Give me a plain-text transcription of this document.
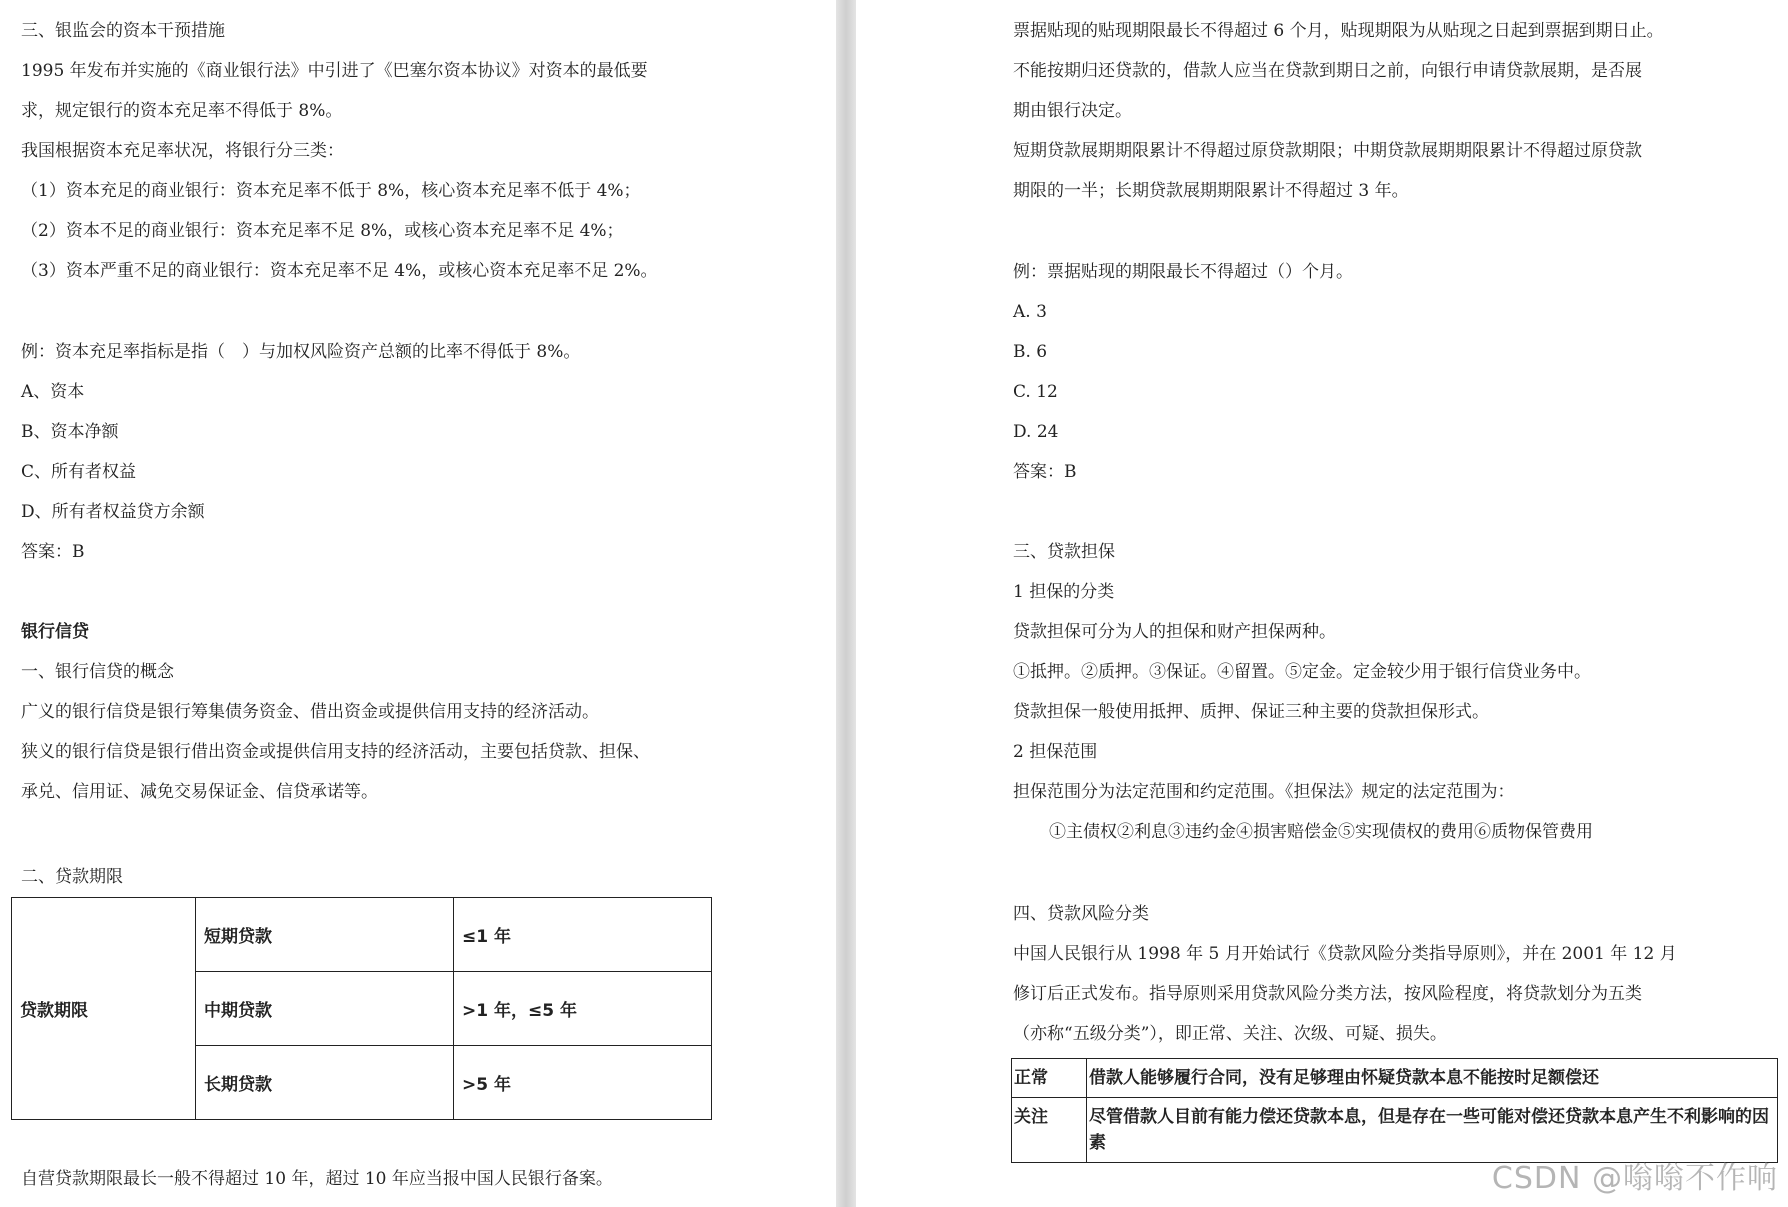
三、银监会的资本干预措施
1995 年发布并实施的《商业银行法》中引进了《巴塞尔资本协议》对资本的最低要
求，规定银行的资本充足率不得低于 8%。
我国根据资本充足率状况，将银行分三类：
（1）资本充足的商业银行：资本充足率不低于 8%，核心资本充足率不低于 4%；
（2）资本不足的商业银行：资本充足率不足 8%，或核心资本充足率不足 4%；
（3）资本严重不足的商业银行：资本充足率不足 4%，或核心资本充足率不足 2%。
例：资本充足率指标是指（　）与加权风险资产总额的比率不得低于 8%。
A、资本
B、资本净额
C、所有者权益
D、所有者权益贷方余额
答案：B
银行信贷
一、银行信贷的概念
广义的银行信贷是银行筹集债务资金、借出资金或提供信用支持的经济活动。
狭义的银行信贷是银行借出资金或提供信用支持的经济活动，主要包括贷款、担保、
承兑、信用证、减免交易保证金、信贷承诺等。
二、贷款期限
贷款期限	短期贷款	≤1 年
	中期贷款	>1 年，≤5 年
	长期贷款	>5 年
自营贷款期限最长一般不得超过 10 年，超过 10 年应当报中国人民银行备案。
票据贴现的贴现期限最长不得超过 6 个月，贴现期限为从贴现之日起到票据到期日止。
不能按期归还贷款的，借款人应当在贷款到期日之前，向银行申请贷款展期，是否展
期由银行决定。
短期贷款展期期限累计不得超过原贷款期限；中期贷款展期期限累计不得超过原贷款
期限的一半；长期贷款展期期限累计不得超过 3 年。
例：票据贴现的期限最长不得超过（）个月。
A. 3
B. 6
C. 12
D. 24
答案：B
三、贷款担保
1 担保的分类
贷款担保可分为人的担保和财产担保两种。
①抵押。②质押。③保证。④留置。⑤定金。定金较少用于银行信贷业务中。
贷款担保一般使用抵押、质押、保证三种主要的贷款担保形式。
2 担保范围
担保范围分为法定范围和约定范围。《担保法》规定的法定范围为：
①主债权②利息③违约金④损害赔偿金⑤实现债权的费用⑥质物保管费用
四、贷款风险分类
中国人民银行从 1998 年 5 月开始试行《贷款风险分类指导原则》，并在 2001 年 12 月
修订后正式发布。指导原则采用贷款风险分类方法，按风险程度，将贷款划分为五类
（亦称“五级分类”），即正常、关注、次级、可疑、损失。
正常	借款人能够履行合同，没有足够理由怀疑贷款本息不能按时足额偿还
关注	尽管借款人目前有能力偿还贷款本息，但是存在一些可能对偿还贷款本息产生不利影响的因素
CSDN @嗡嗡不作响
